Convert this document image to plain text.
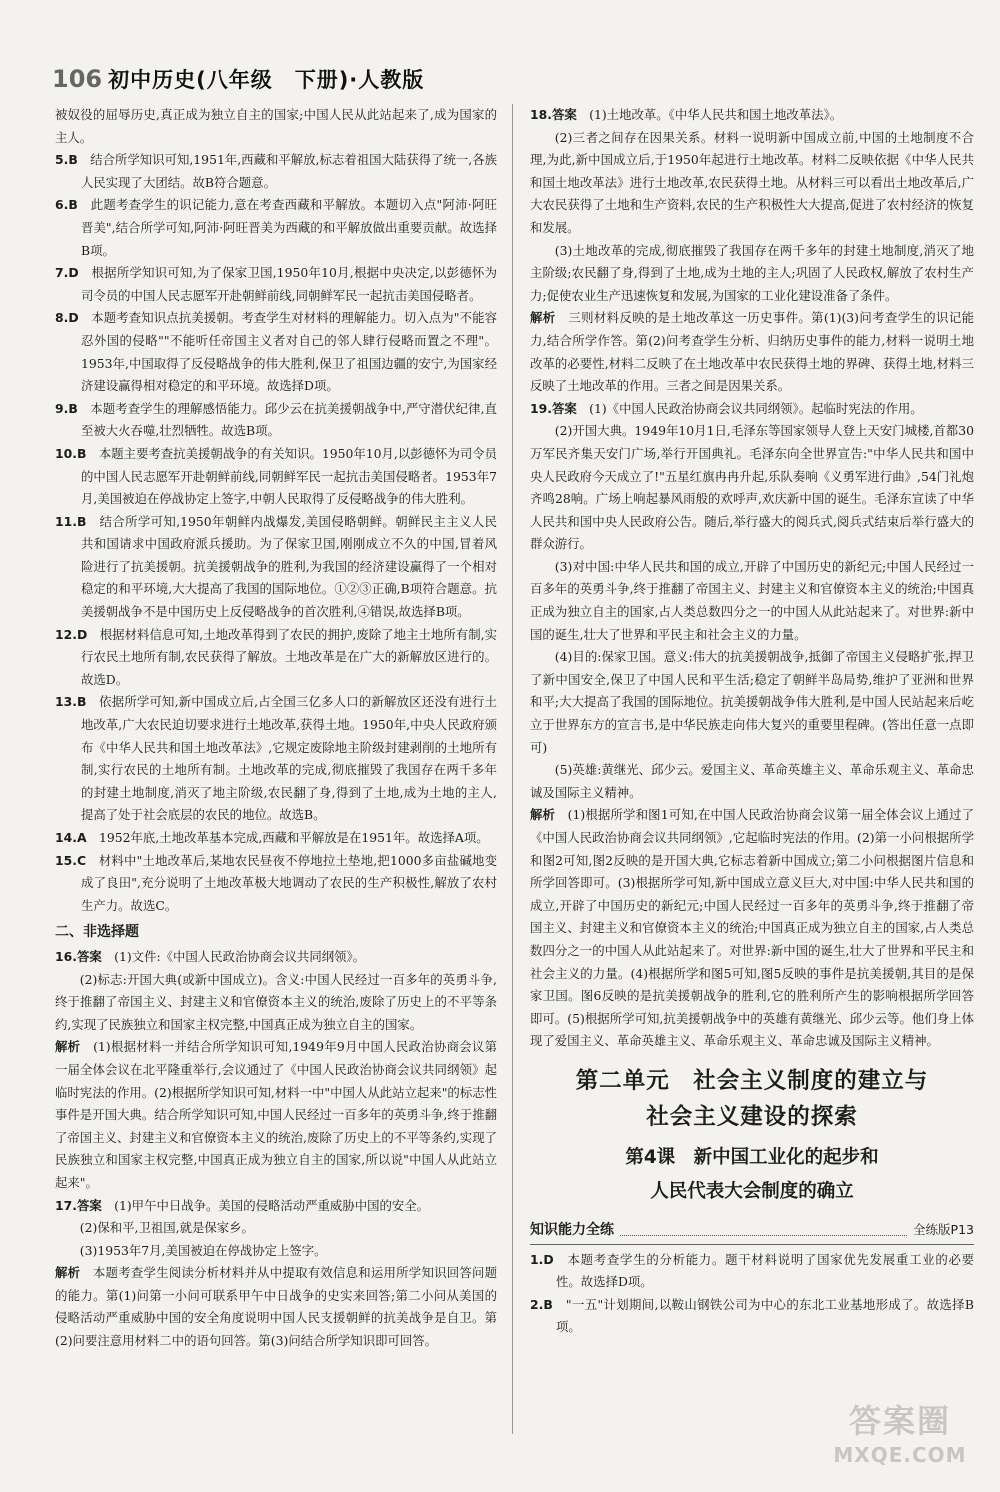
106 初中历史(八年级　下册)·人教版

被奴役的屈辱历史,真正成为独立自主的国家;中国人民从此站起来了,成为国家的主人。

5.B　 结合所学知识可知,1951年,西藏和平解放,标志着祖国大陆获得了统一,各族人民实现了大团结。故B符合题意。

6.B　 此题考查学生的识记能力,意在考查西藏和平解放。本题切入点"阿沛·阿旺晋美",结合所学可知,阿沛·阿旺晋美为西藏的和平解放做出重要贡献。故选择B项。

7.D　 根据所学知识可知,为了保家卫国,1950年10月,根据中央决定,以彭德怀为司令员的中国人民志愿军开赴朝鲜前线,同朝鲜军民一起抗击美国侵略者。

8.D　 本题考查知识点抗美援朝。考查学生对材料的理解能力。切入点为"不能容忍外国的侵略""不能听任帝国主义者对自己的邻人肆行侵略而置之不理"。1953年,中国取得了反侵略战争的伟大胜利,保卫了祖国边疆的安宁,为国家经济建设赢得相对稳定的和平环境。故选择D项。

9.B　 本题考查学生的理解感悟能力。邱少云在抗美援朝战争中,严守潜伏纪律,直至被大火吞噬,壮烈牺牲。故选B项。

10.B　 本题主要考查抗美援朝战争的有关知识。1950年10月,以彭德怀为司令员的中国人民志愿军开赴朝鲜前线,同朝鲜军民一起抗击美国侵略者。1953年7月,美国被迫在停战协定上签字,中朝人民取得了反侵略战争的伟大胜利。

11.B　 结合所学可知,1950年朝鲜内战爆发,美国侵略朝鲜。朝鲜民主主义人民共和国请求中国政府派兵援助。为了保家卫国,刚刚成立不久的中国,冒着风险进行了抗美援朝。抗美援朝战争的胜利,为我国的经济建设赢得了一个相对稳定的和平环境,大大提高了我国的国际地位。①②③正确,B项符合题意。抗美援朝战争不是中国历史上反侵略战争的首次胜利,④错误,故选择B项。

12.D　 根据材料信息可知,土地改革得到了农民的拥护,废除了地主土地所有制,实行农民土地所有制,农民获得了解放。土地改革是在广大的新解放区进行的。故选D。

13.B　 依据所学可知,新中国成立后,占全国三亿多人口的新解放区还没有进行土地改革,广大农民迫切要求进行土地改革,获得土地。1950年,中央人民政府颁布《中华人民共和国土地改革法》,它规定废除地主阶级封建剥削的土地所有制,实行农民的土地所有制。土地改革的完成,彻底摧毁了我国存在两千多年的封建土地制度,消灭了地主阶级,农民翻了身,得到了土地,成为土地的主人,提高了处于社会底层的农民的地位。故选B。

14.A　 1952年底,土地改革基本完成,西藏和平解放是在1951年。故选择A项。

15.C　 材料中"土地改革后,某地农民昼夜不停地拉土垫地,把1000多亩盐碱地变成了良田",充分说明了土地改革极大地调动了农民的生产积极性,解放了农村生产力。故选C。

二、非选择题

16.答案　 (1)文件:《中国人民政治协商会议共同纲领》。

(2)标志:开国大典(或新中国成立)。含义:中国人民经过一百多年的英勇斗争,终于推翻了帝国主义、封建主义和官僚资本主义的统治,废除了历史上的不平等条约,实现了民族独立和国家主权完整,中国真正成为独立自主的国家。

解析　 (1)根据材料一并结合所学知识可知,1949年9月中国人民政治协商会议第一届全体会议在北平隆重举行,会议通过了《中国人民政治协商会议共同纲领》起临时宪法的作用。(2)根据所学知识可知,材料一中"中国人从此站立起来"的标志性事件是开国大典。结合所学知识可知,中国人民经过一百多年的英勇斗争,终于推翻了帝国主义、封建主义和官僚资本主义的统治,废除了历史上的不平等条约,实现了民族独立和国家主权完整,中国真正成为独立自主的国家,所以说"中国人从此站立起来"。

17.答案　 (1)甲午中日战争。美国的侵略活动严重威胁中国的安全。

(2)保和平,卫祖国,就是保家乡。

(3)1953年7月,美国被迫在停战协定上签字。

解析　 本题考查学生阅读分析材料并从中提取有效信息和运用所学知识回答问题的能力。第(1)问第一小问可联系甲午中日战争的史实来回答;第二小问从美国的侵略活动严重威胁中国的安全角度说明中国人民支援朝鲜的抗美战争是自卫。第(2)问要注意用材料二中的语句回答。第(3)问结合所学知识即可回答。

18.答案　 (1)土地改革。《中华人民共和国土地改革法》。

(2)三者之间存在因果关系。材料一说明新中国成立前,中国的土地制度不合理,为此,新中国成立后,于1950年起进行土地改革。材料二反映依据《中华人民共和国土地改革法》进行土地改革,农民获得土地。从材料三可以看出土地改革后,广大农民获得了土地和生产资料,农民的生产积极性大大提高,促进了农村经济的恢复和发展。

(3)土地改革的完成,彻底摧毁了我国存在两千多年的封建土地制度,消灭了地主阶级;农民翻了身,得到了土地,成为土地的主人;巩固了人民政权,解放了农村生产力;促使农业生产迅速恢复和发展,为国家的工业化建设准备了条件。

解析　 三则材料反映的是土地改革这一历史事件。第(1)(3)问考查学生的识记能力,结合所学作答。第(2)问考查学生分析、归纳历史事件的能力,材料一说明土地改革的必要性,材料二反映了在土地改革中农民获得土地的界碑、获得土地,材料三反映了土地改革的作用。三者之间是因果关系。

19.答案　 (1)《中国人民政治协商会议共同纲领》。起临时宪法的作用。

(2)开国大典。1949年10月1日,毛泽东等国家领导人登上天安门城楼,首都30万军民齐集天安门广场,举行开国典礼。毛泽东向全世界宣告:"中华人民共和国中央人民政府今天成立了!"五星红旗冉冉升起,乐队奏响《义勇军进行曲》,54门礼炮齐鸣28响。广场上响起暴风雨般的欢呼声,欢庆新中国的诞生。毛泽东宣读了中华人民共和国中央人民政府公告。随后,举行盛大的阅兵式,阅兵式结束后举行盛大的群众游行。

(3)对中国:中华人民共和国的成立,开辟了中国历史的新纪元;中国人民经过一百多年的英勇斗争,终于推翻了帝国主义、封建主义和官僚资本主义的统治;中国真正成为独立自主的国家,占人类总数四分之一的中国人从此站起来了。对世界:新中国的诞生,壮大了世界和平民主和社会主义的力量。

(4)目的:保家卫国。意义:伟大的抗美援朝战争,抵御了帝国主义侵略扩张,捍卫了新中国安全,保卫了中国人民和平生活;稳定了朝鲜半岛局势,维护了亚洲和世界和平;大大提高了我国的国际地位。抗美援朝战争伟大胜利,是中国人民站起来后屹立于世界东方的宣言书,是中华民族走向伟大复兴的重要里程碑。(答出任意一点即可)

(5)英雄:黄继光、邱少云。爱国主义、革命英雄主义、革命乐观主义、革命忠诚及国际主义精神。

解析　 (1)根据所学和图1可知,在中国人民政治协商会议第一届全体会议上通过了《中国人民政治协商会议共同纲领》,它起临时宪法的作用。(2)第一小问根据所学和图2可知,图2反映的是开国大典,它标志着新中国成立;第二小问根据图片信息和所学回答即可。(3)根据所学可知,新中国成立意义巨大,对中国:中华人民共和国的成立,开辟了中国历史的新纪元;中国人民经过一百多年的英勇斗争,终于推翻了帝国主义、封建主义和官僚资本主义的统治;中国真正成为独立自主的国家,占人类总数四分之一的中国人从此站起来了。对世界:新中国的诞生,壮大了世界和平民主和社会主义的力量。(4)根据所学和图5可知,图5反映的事件是抗美援朝,其目的是保家卫国。图6反映的是抗美援朝战争的胜利,它的胜利所产生的影响根据所学回答即可。(5)根据所学可知,抗美援朝战争中的英雄有黄继光、邱少云等。他们身上体现了爱国主义、革命英雄主义、革命乐观主义、革命忠诚及国际主义精神。

第二单元　社会主义制度的建立与
社会主义建设的探索
第4课　新中国工业化的起步和
人民代表大会制度的确立
知识能力全练	全练版P13

1.D　 本题考查学生的分析能力。题干材料说明了国家优先发展重工业的必要性。故选择D项。

2.B　 "一五"计划期间,以鞍山钢铁公司为中心的东北工业基地形成了。故选择B项。

答案圈
MXQE.COM
